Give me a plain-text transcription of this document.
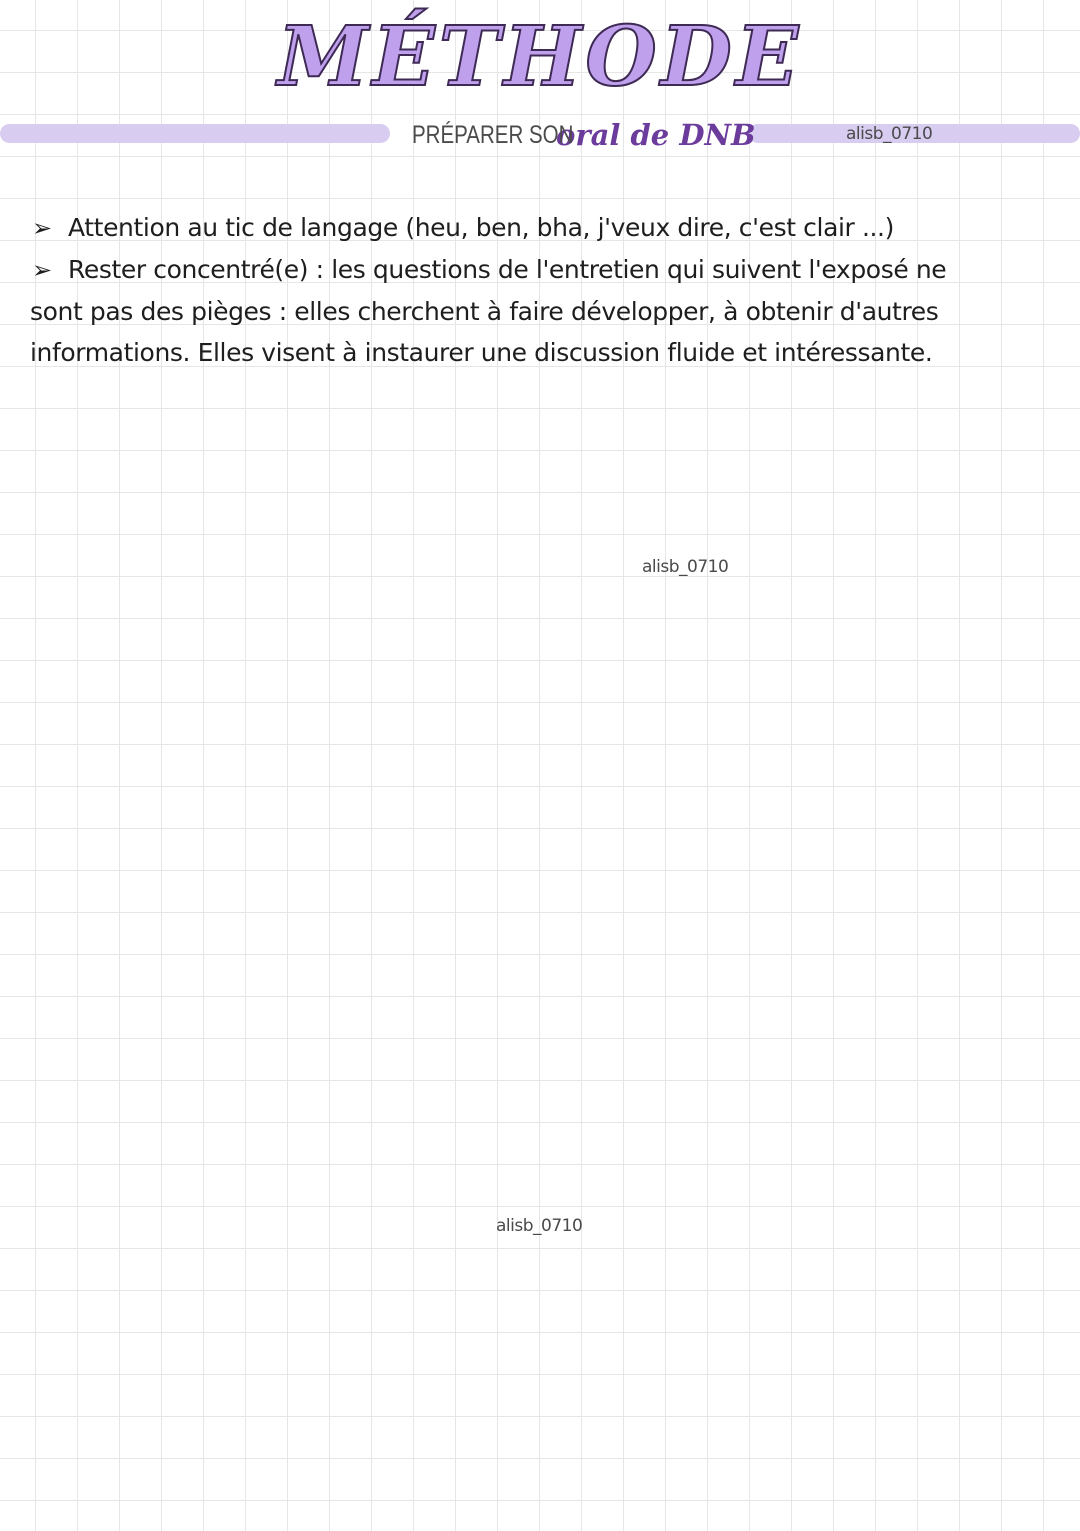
MÉTHODE
PRÉPARER SONoral de DNB	alisb_0710

➢ Attention au tic de langage (heu, ben, bha, j'veux dire, c'est clair ...)

➢ Rester concentré(e) : les questions de l'entretien qui suivent l'exposé ne sont pas des pièges : elles cherchent à faire développer, à obtenir d'autres informations. Elles visent à instaurer une discussion fluide et intéressante.

alisb_0710
alisb_0710
